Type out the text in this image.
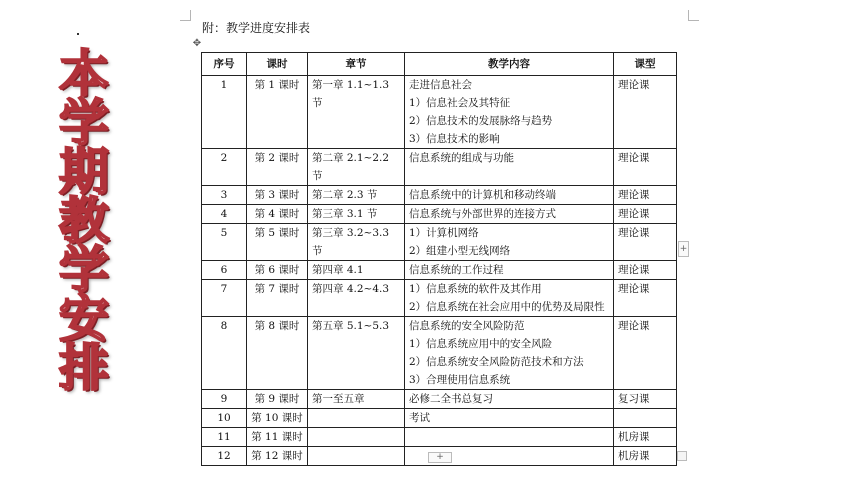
本
学
期
教
学
安
排
附：教学进度安排表
✥
序号	课时	章节	教学内容	课型
1	第 1 课时	第一章 1.1~1.3 节	走进信息社会
1）信息社会及其特征
2）信息技术的发展脉络与趋势
3）信息技术的影响	理论课
2	第 2 课时	第二章 2.1~2.2 节	信息系统的组成与功能	理论课
3	第 3 课时	第二章 2.3 节	信息系统中的计算机和移动终端	理论课
4	第 4 课时	第三章 3.1 节	信息系统与外部世界的连接方式	理论课
5	第 5 课时	第三章 3.2~3.3 节	1）计算机网络
2）组建小型无线网络	理论课
6	第 6 课时	第四章 4.1	信息系统的工作过程	理论课
7	第 7 课时	第四章 4.2~4.3	1）信息系统的软件及其作用
2）信息系统在社会应用中的优势及局限性	理论课
8	第 8 课时	第五章 5.1~5.3	信息系统的安全风险防范
1）信息系统应用中的安全风险
2）信息系统安全风险防范技术和方法
3）合理使用信息系统	理论课
9	第 9 课时	第一至五章	必修二全书总复习	复习课
10	第 10 课时		考试	

11	第 11 课时			机房课
12	第 12 课时			机房课
+
+
